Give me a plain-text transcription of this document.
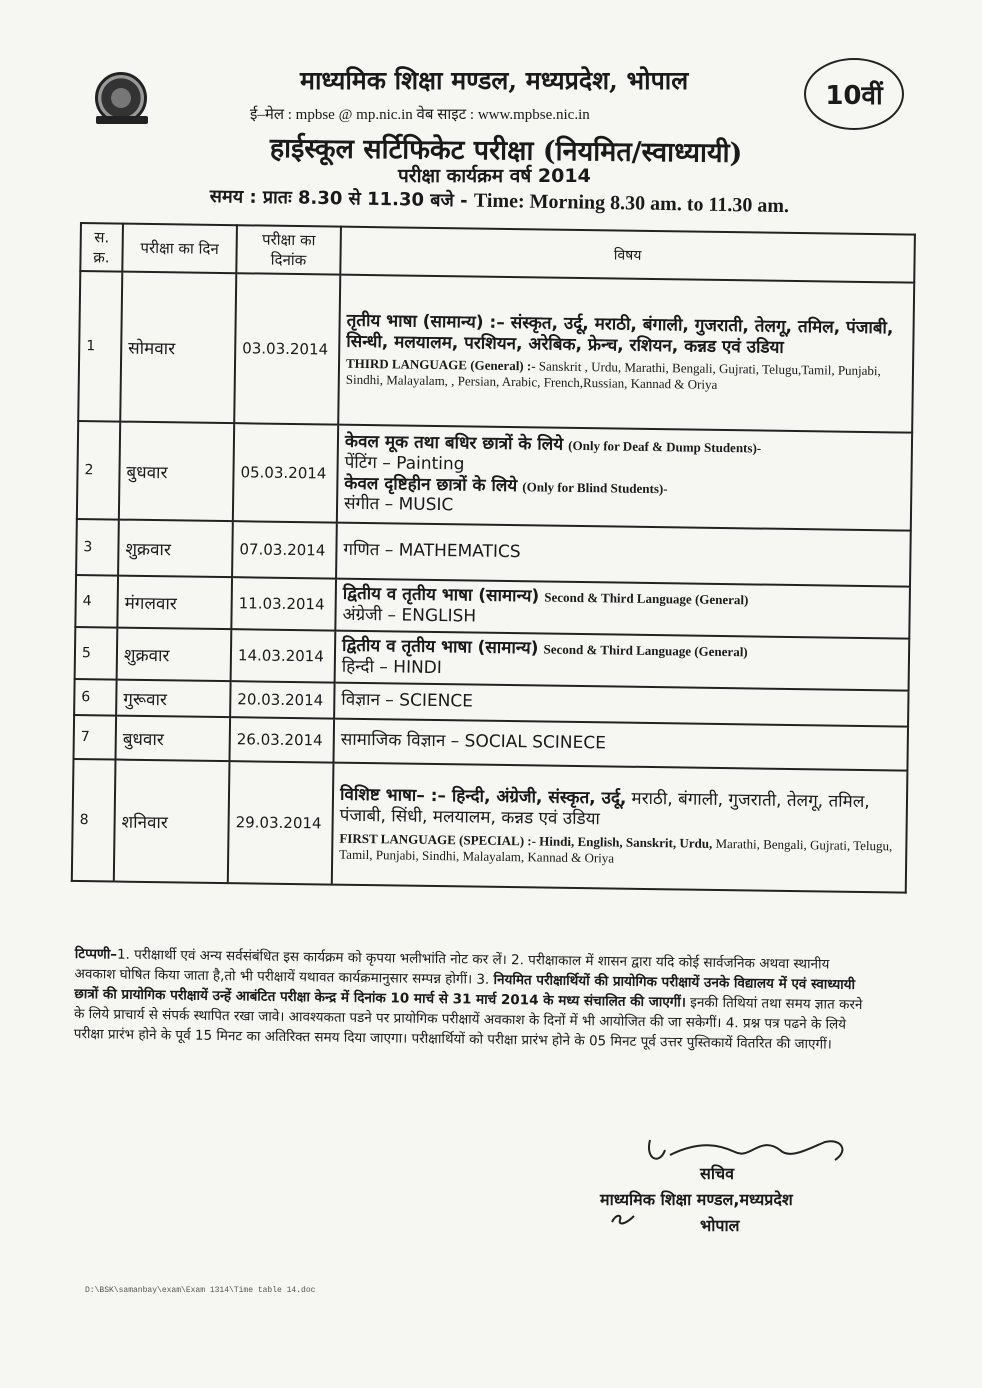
माध्यमिक शिक्षा मण्डल, मध्यप्रदेश, भोपाल
ई–मेल : mpbse @ mp.nic.in वेब साइट : www.mpbse.nic.in
हाईस्कूल सर्टिफिकेट परीक्षा (नियमित/स्वाध्यायी)
परीक्षा कार्यक्रम वर्ष 2014
समय : प्रातः 8.30 से 11.30 बजे - Time: Morning 8.30 am. to 11.30 am.
10वीं
स. क्र.	परीक्षा का दिन	परीक्षा का दिनांक	विषय
1	सोमवार	03.03.2014	तृतीय भाषा (सामान्य) :– संस्कृत, उर्दू, मराठी, बंगाली, गुजराती, तेलगू, तमिल, पंजाबी, सिन्धी, मलयालम, परशियन, अरेबिक, फ्रेन्च, रशियन, कन्नड एवं उडिया
THIRD LANGUAGE (General) :- Sanskrit , Urdu, Marathi, Bengali, Gujrati, Telugu,Tamil, Punjabi, Sindhi, Malayalam, , Persian, Arabic, French,Russian, Kannad & Oriya

2	बुधवार	05.03.2014	केवल मूक तथा बधिर छात्रों के लिये (Only for Deaf & Dump Students)-
पेंटिंग – Painting
केवल दृष्टिहीन छात्रों के लिये (Only for Blind Students)-
संगीत – MUSIC

3	शुक्रवार	07.03.2014	गणित – MATHEMATICS
4	मंगलवार	11.03.2014	द्वितीय व तृतीय भाषा (सामान्य) Second & Third Language (General)
अंग्रेजी – ENGLISH

5	शुक्रवार	14.03.2014	द्वितीय व तृतीय भाषा (सामान्य) Second & Third Language (General)
हिन्दी – HINDI

6	गुरूवार	20.03.2014	विज्ञान – SCIENCE
7	बुधवार	26.03.2014	सामाजिक विज्ञान – SOCIAL SCINECE
8	शनिवार	29.03.2014	विशिष्ट भाषा– :– हिन्दी, अंग्रेजी, संस्कृत, उर्दू, मराठी, बंगाली, गुजराती, तेलगू, तमिल, पंजाबी, सिंधी, मलयालम, कन्नड एवं उडिया
FIRST LANGUAGE (SPECIAL) :- Hindi, English, Sanskrit, Urdu, Marathi, Bengali, Gujrati, Telugu, Tamil, Punjabi, Sindhi, Malayalam, Kannad & Oriya
टिप्पणी–1. परीक्षार्थी एवं अन्य सर्वसंबंधित इस कार्यक्रम को कृपया भलीभांति नोट कर लें। 2. परीक्षाकाल में शासन द्वारा यदि कोई सार्वजनिक अथवा स्थानीय अवकाश घोषित किया जाता है,तो भी परीक्षायें यथावत कार्यक्रमानुसार सम्पन्न होगीं। 3. नियमित परीक्षार्थियों की प्रायोगिक परीक्षायें उनके विद्यालय में एवं स्वाध्यायी छात्रों की प्रायोगिक परीक्षायें उन्हें आबंटित परीक्षा केन्द्र में दिनांक 10 मार्च से 31 मार्च 2014 के मध्य संचालित की जाएगीं। इनकी तिथियां तथा समय ज्ञात करने के लिये प्राचार्य से संपर्क स्थापित रखा जावे। आवश्यकता पडने पर प्रायोगिक परीक्षायें अवकाश के दिनों में भी आयोजित की जा सकेगीं। 4. प्रश्न पत्र पढने के लिये परीक्षा प्रारंभ होने के पूर्व 15 मिनट का अतिरिक्त समय दिया जाएगा। परीक्षार्थियों को परीक्षा प्रारंभ होने के 05 मिनट पूर्व उत्तर पुस्तिकायें वितरित की जाएगीं।
सचिव
माध्यमिक शिक्षा मण्डल,मध्यप्रदेश
भोपाल
D:\BSK\samanbay\exam\Exam 1314\Time table 14.doc
